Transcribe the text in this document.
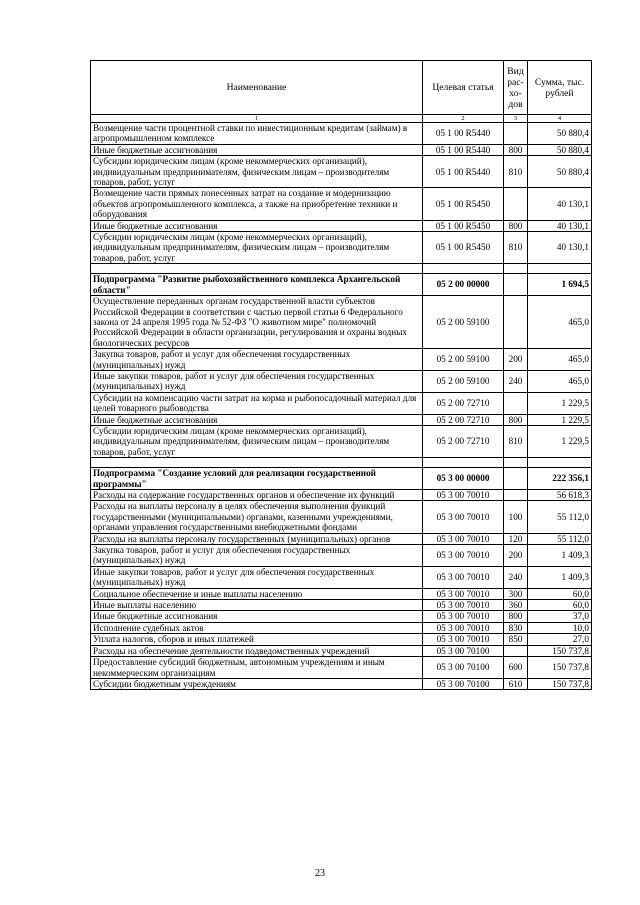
Наименование	Целевая статья	Вид рас-хо-дов	Сумма, тыс. рублей
1	2	3	4
Возмещение части процентной ставки по инвестиционным кредитам (займам) в агропромышленном комплексе	05 1 00 R5440		50 880,4
Иные бюджетные ассигнования	05 1 00 R5440	800	50 880,4
Субсидии юридическим лицам (кроме некоммерческих организаций), индивидуальным предпринимателям, физическим лицам – производителям товаров, работ, услуг	05 1 00 R5440	810	50 880,4
Возмещение части прямых понесенных затрат на создание и модернизацию объектов агропромышленного комплекса, а также на приобретение техники и оборудования	05 1 00 R5450		40 130,1
Иные бюджетные ассигнования	05 1 00 R5450	800	40 130,1
Субсидии юридическим лицам (кроме некоммерческих организаций), индивидуальным предпринимателям, физическим лицам – производителям товаров, работ, услуг	05 1 00 R5450	810	40 130,1

Подпрограмма "Развитие рыбохозяйственного комплекса Архангельской области"	05 2 00 00000		1 694,5
Осуществление переданных органам государственной власти субъектов Российской Федерации в соответствии с частью первой статьи 6 Федерального закона от 24 апреля 1995 года № 52-ФЗ "О животном мире" полномочий Российской Федерации в области организации, регулирования и охраны водных биологических ресурсов	05 2 00 59100		465,0
Закупка товаров, работ и услуг для обеспечения государственных (муниципальных) нужд	05 2 00 59100	200	465,0
Иные закупки товаров, работ и услуг для обеспечения государственных (муниципальных) нужд	05 2 00 59100	240	465,0
Субсидии на компенсацию части затрат на корма и рыбопосадочный материал для целей товарного рыбоводства	05 2 00 72710		1 229,5
Иные бюджетные ассигнования	05 2 00 72710	800	1 229,5
Субсидии юридическим лицам (кроме некоммерческих организаций), индивидуальным предпринимателям, физическим лицам – производителям товаров, работ, услуг	05 2 00 72710	810	1 229,5

Подпрограмма "Создание условий для реализации государственной программы"	05 3 00 00000		222 356,1
Расходы на содержание государственных органов и обеспечение их функций	05 3 00 70010		56 618,3
Расходы на выплаты персоналу в целях обеспечения выполнения функций государственными (муниципальными) органами, казенными учреждениями, органами управления государственными внебюджетными фондами	05 3 00 70010	100	55 112,0
Расходы на выплаты персоналу государственных (муниципальных) органов	05 3 00 70010	120	55 112,0
Закупка товаров, работ и услуг для обеспечения государственных (муниципальных) нужд	05 3 00 70010	200	1 409,3
Иные закупки товаров, работ и услуг для обеспечения государственных (муниципальных) нужд	05 3 00 70010	240	1 409,3
Социальное обеспечение и иные выплаты населению	05 3 00 70010	300	60,0
Иные выплаты населению	05 3 00 70010	360	60,0
Иные бюджетные ассигнования	05 3 00 70010	800	37,0
Исполнение судебных актов	05 3 00 70010	830	10,0
Уплата налогов, сборов и иных платежей	05 3 00 70010	850	27,0
Расходы на обеспечение деятельности подведомственных учреждений	05 3 00 70100		150 737,8
Предоставление субсидий бюджетным, автономным учреждениям и иным некоммерческим организациям	05 3 00 70100	600	150 737,8
Субсидии бюджетным учреждениям	05 3 00 70100	610	150 737,8
23
